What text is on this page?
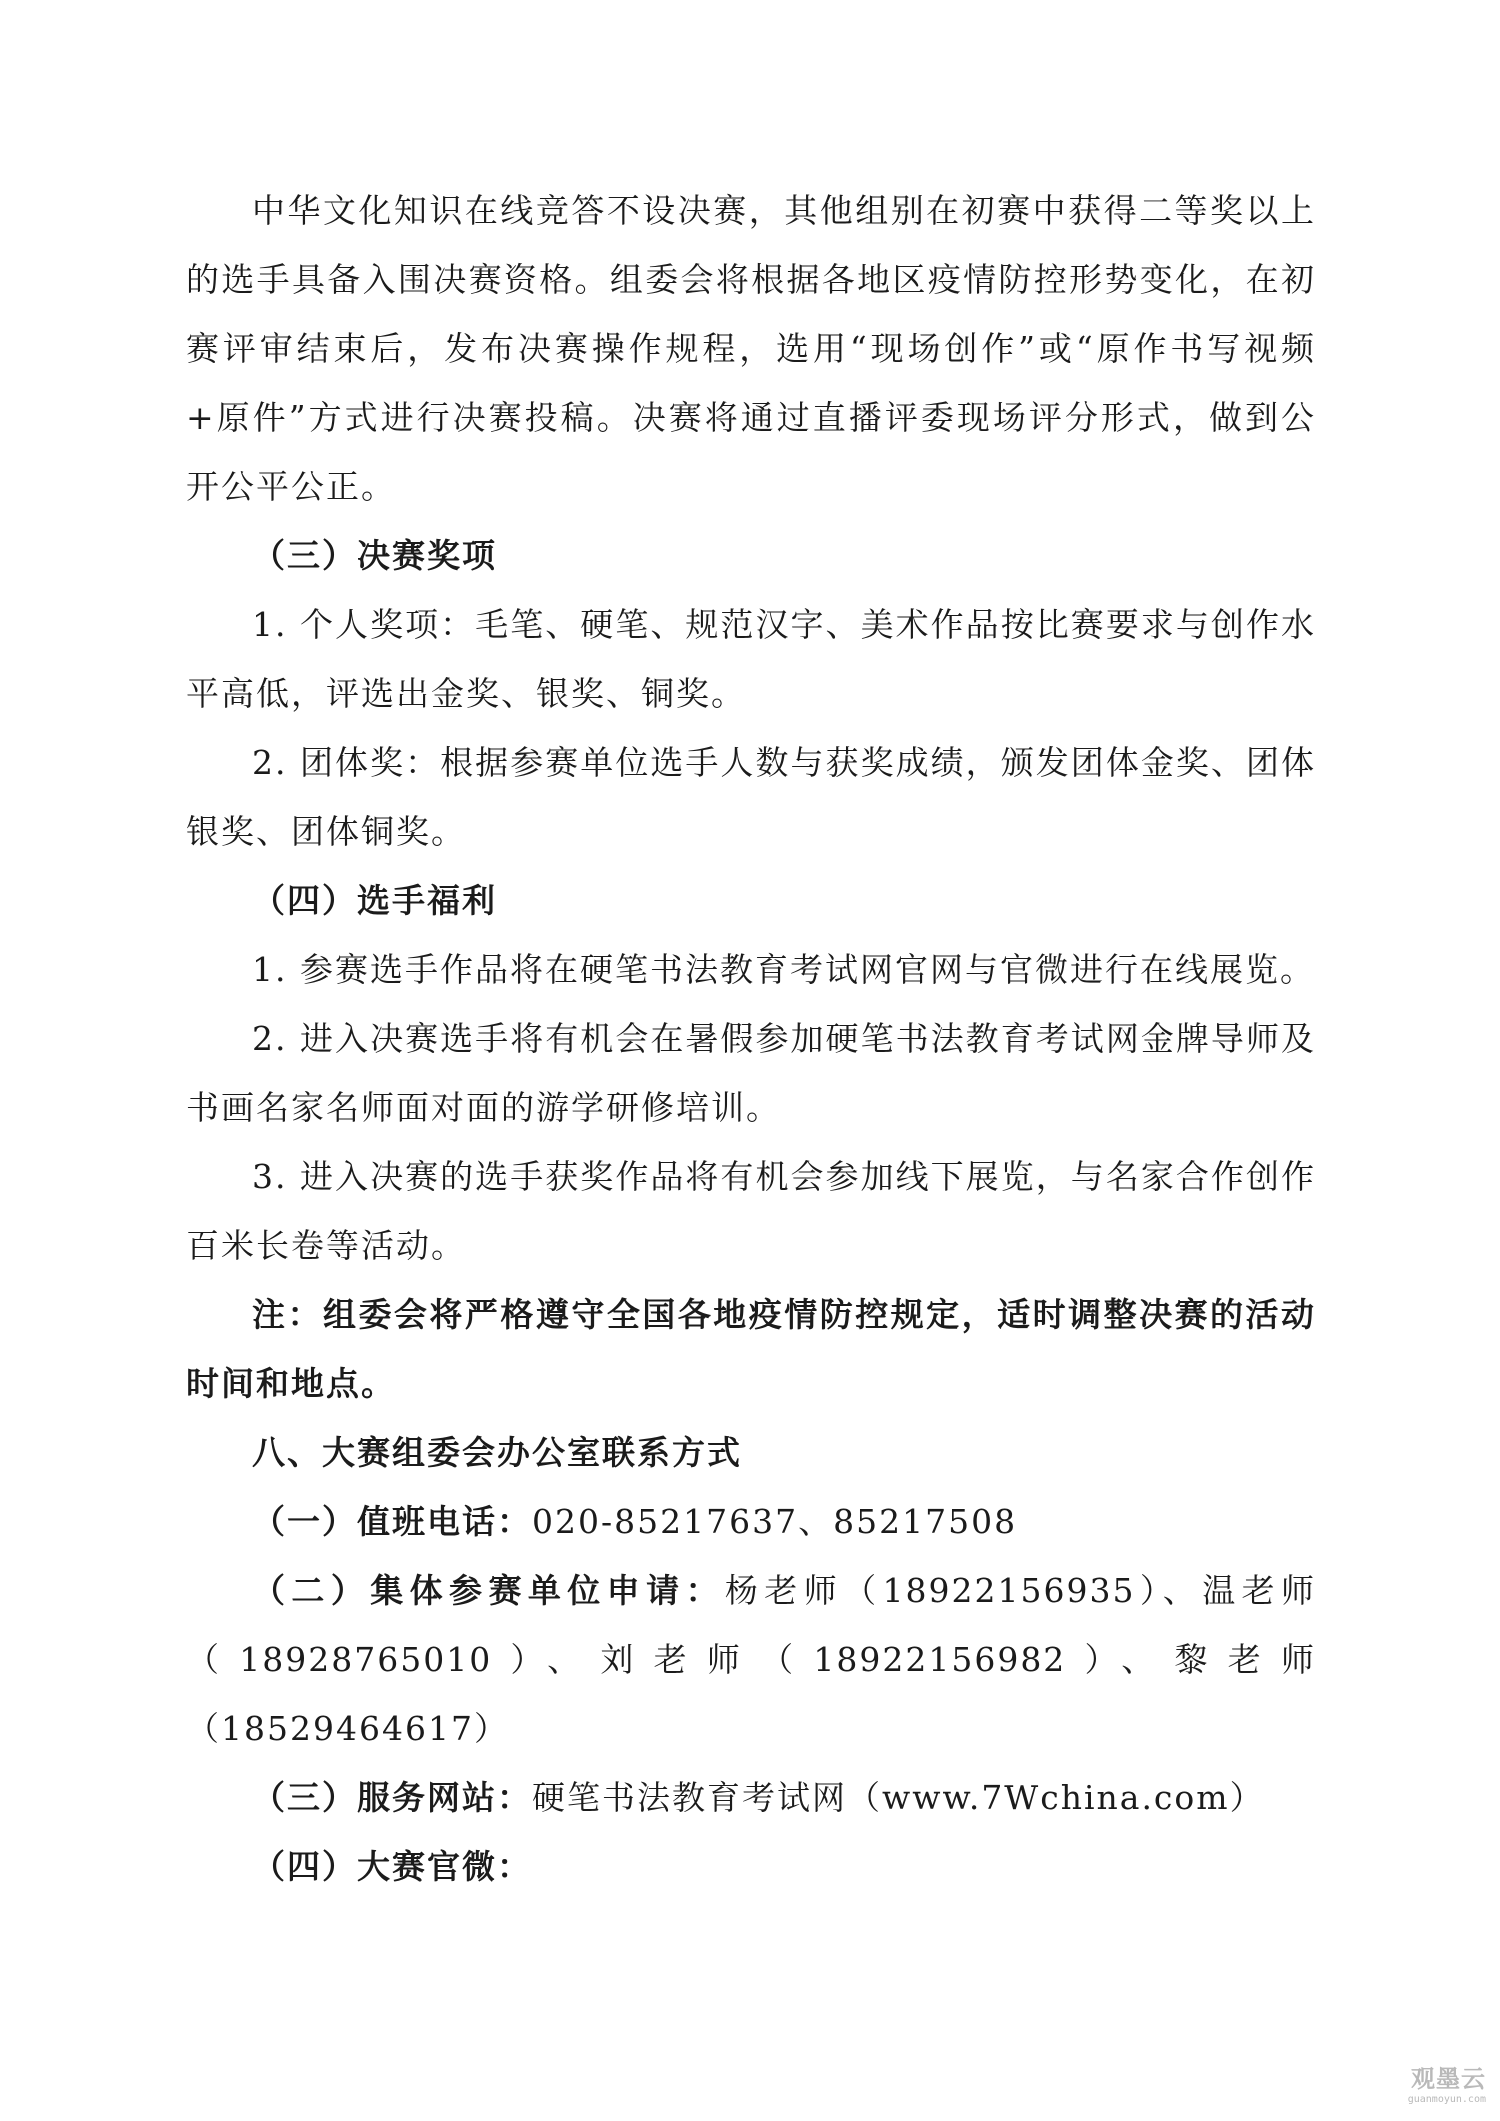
中华文化知识在线竞答不设决赛，其他组别在初赛中获得二等奖以上的选手具备入围决赛资格。组委会将根据各地区疫情防控形势变化，在初赛评审结束后，发布决赛操作规程，选用“现场创作”或“原作书写视频+原件”方式进行决赛投稿。决赛将通过直播评委现场评分形式，做到公开公平公正。

（三）决赛奖项

1. 个人奖项：毛笔、硬笔、规范汉字、美术作品按比赛要求与创作水平高低，评选出金奖、银奖、铜奖。

2. 团体奖：根据参赛单位选手人数与获奖成绩，颁发团体金奖、团体银奖、团体铜奖。

（四）选手福利

1. 参赛选手作品将在硬笔书法教育考试网官网与官微进行在线展览。

2. 进入决赛选手将有机会在暑假参加硬笔书法教育考试网金牌导师及书画名家名师面对面的游学研修培训。

3. 进入决赛的选手获奖作品将有机会参加线下展览，与名家合作创作百米长卷等活动。

注：组委会将严格遵守全国各地疫情防控规定，适时调整决赛的活动时间和地点。

八、大赛组委会办公室联系方式

（一）值班电话：020-85217637、85217508

（二）集体参赛单位申请：杨老师（18922156935）、温老师（18928765010）、刘老师（18922156982）、黎老师（18529464617）

（三）服务网站：硬笔书法教育考试网（www.7Wchina.com）

（四）大赛官微：

观墨云
guanmoyun.com
